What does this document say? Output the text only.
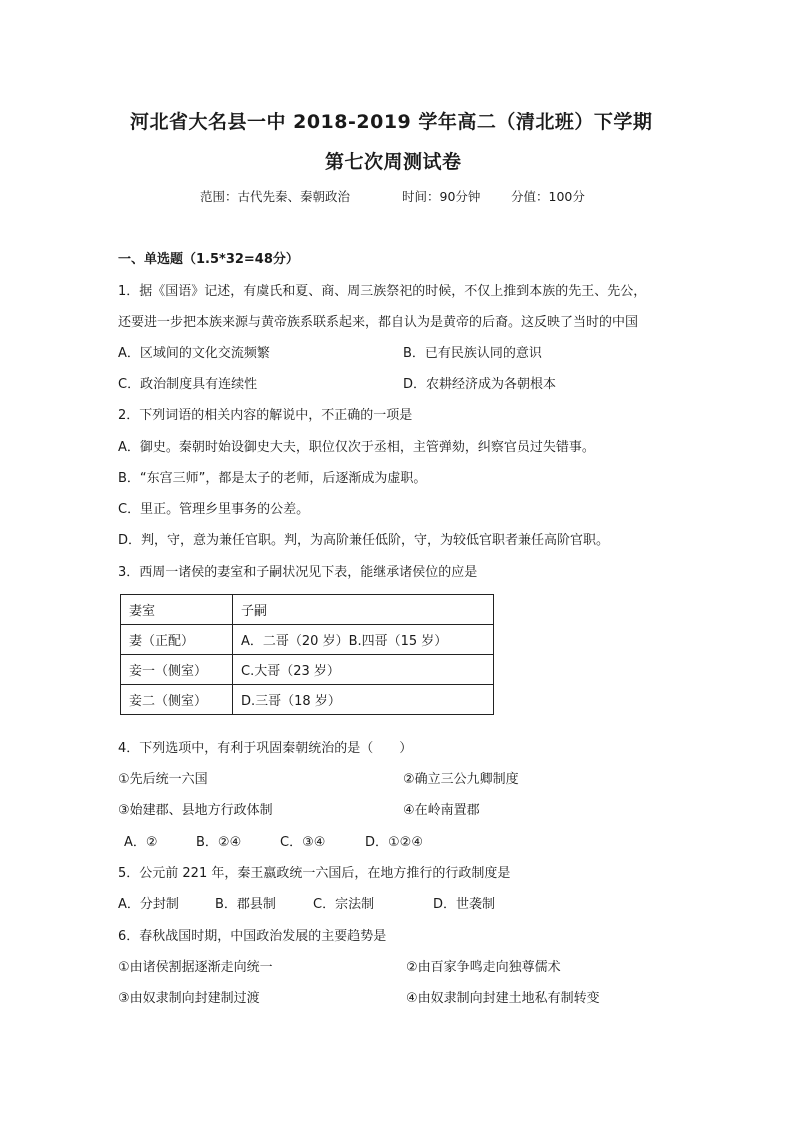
河北省大名县一中 2018-2019 学年高二（清北班）下学期
第七次周测试卷
范围：古代先秦、秦朝政治	时间：90分钟 分值：100分
一、单选题（1.5*32=48分）
1．据《国语》记述，有虞氏和夏、商、周三族祭祀的时候，不仅上推到本族的先王、先公，
还要进一步把本族来源与黄帝族系联系起来，都自认为是黄帝的后裔。这反映了当时的中国
A．区域间的文化交流频繁	B．已有民族认同的意识
C．政治制度具有连续性	D．农耕经济成为各朝根本
2．下列词语的相关内容的解说中，不正确的一项是
A．御史。秦朝时始设御史大夫，职位仅次于丞相，主管弹劾，纠察官员过失错事。
B．“东宫三师”，都是太子的老师，后逐渐成为虚职。
C．里正。管理乡里事务的公差。
D．判，守，意为兼任官职。判，为高阶兼任低阶，守，为较低官职者兼任高阶官职。
3．西周一诸侯的妻室和子嗣状况见下表，能继承诸侯位的应是
妻室	子嗣
妻（正配）	A．二哥（20 岁）B.四哥（15 岁）
妾一（侧室）	C.大哥（23 岁）
妾二（侧室）	D.三哥（18 岁）
4．下列选项中，有利于巩固秦朝统治的是（　　）
①先后统一六国	②确立三公九卿制度
③始建郡、县地方行政体制	④在岭南置郡
A．②	B．②④	C．③④	D．①②④
5．公元前 221 年，秦王嬴政统一六国后，在地方推行的行政制度是
A．分封制	B．郡县制	C．宗法制	D．世袭制
6．春秋战国时期，中国政治发展的主要趋势是
①由诸侯割据逐渐走向统一	②由百家争鸣走向独尊儒术
③由奴隶制向封建制过渡	④由奴隶制向封建土地私有制转变
